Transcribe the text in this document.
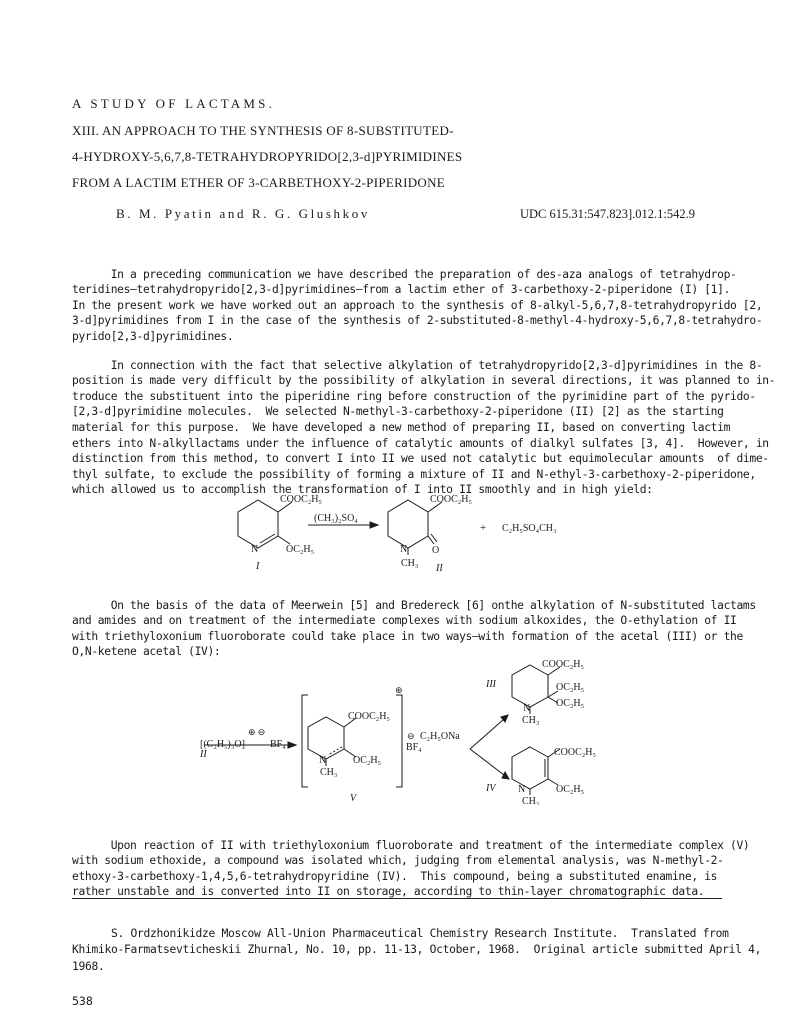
A STUDY OF LACTAMS.
XIII. AN APPROACH TO THE SYNTHESIS OF 8-SUBSTITUTED-
4-HYDROXY-5,6,7,8-TETRAHYDROPYRIDO[2,3-d]PYRIMIDINES
FROM A LACTIM ETHER OF 3-CARBETHOXY-2-PIPERIDONE
B. M. Pyatin and R. G. Glushkov	UDC 615.31:547.823].012.1:542.9

In a preceding communication we have described the preparation of des-aza analogs of tetrahydrop-
teridines—tetrahydropyrido[2,3-d]pyrimidines—from a lactim ether of 3-carbethoxy-2-piperidone (I) [1].
In the present work we have worked out an approach to the synthesis of 8-alkyl-5,6,7,8-tetrahydropyrido [2,
3-d]pyrimidines from I in the case of the synthesis of 2-substituted-8-methyl-4-hydroxy-5,6,7,8-tetrahydro-
pyrido[2,3-d]pyrimidines.

In connection with the fact that selective alkylation of tetrahydropyrido[2,3-d]pyrimidines in the 8-
position is made very difficult by the possibility of alkylation in several directions, it was planned to in-
troduce the substituent into the piperidine ring before construction of the pyrimidine part of the pyrido-
[2,3-d]pyrimidine molecules.  We selected N-methyl-3-carbethoxy-2-piperidone (II) [2] as the starting
material for this purpose.  We have developed a new method of preparing II, based on converting lactim
ethers into N-alkyllactams under the influence of catalytic amounts of dialkyl sulfates [3, 4].  However, in
distinction from this method, to convert I into II we used not catalytic but equimolecular amounts  of dime-
thyl sulfate, to exclude the possibility of forming a mixture of II and N-ethyl-3-carbethoxy-2-piperidone,
which allowed us to accomplish the transformation of I into II smoothly and in high yield:

COOC₂H₅
OC₂H₅
N
I
(CH₃)₂SO₄
COOC₂H₅
N O
CH₃ II
+ C₂H₅SO₄CH₃

On the basis of the data of Meerwein [5] and Bredereck [6] onthe alkylation of N-substituted lactams
and amides and on treatment of the intermediate complexes with sodium alkoxides, the O-ethylation of II
with triethyloxonium fluoroborate could take place in two ways—with formation of the acetal (III) or the
O,N-ketene acetal (IV):

II
⊕ ⊖
[(C₂H₅)₃O]	BF₄
COOC₂H₅
⊕
N	OC₂H₅
CH₃
V
⊖
BF₄
C₂H₅ONa
III
COOC₂H₅
OC₂H₅
OC₂H₅
N
CH₃
IV
COOC₂H₅
N	OC₂H₅
CH₃

Upon reaction of II with triethyloxonium fluoroborate and treatment of the intermediate complex (V)
with sodium ethoxide, a compound was isolated which, judging from elemental analysis, was N-methyl-2-
ethoxy-3-carbethoxy-1,4,5,6-tetrahydropyridine (IV).  This compound, being a substituted enamine, is
rather unstable and is converted into II on storage, according to thin-layer chromatographic data.

S. Ordzhonikidze Moscow All-Union Pharmaceutical Chemistry Research Institute.  Translated from
Khimiko-Farmatsevticheskii Zhurnal, No. 10, pp. 11-13, October, 1968.  Original article submitted April 4,
1968.

538
